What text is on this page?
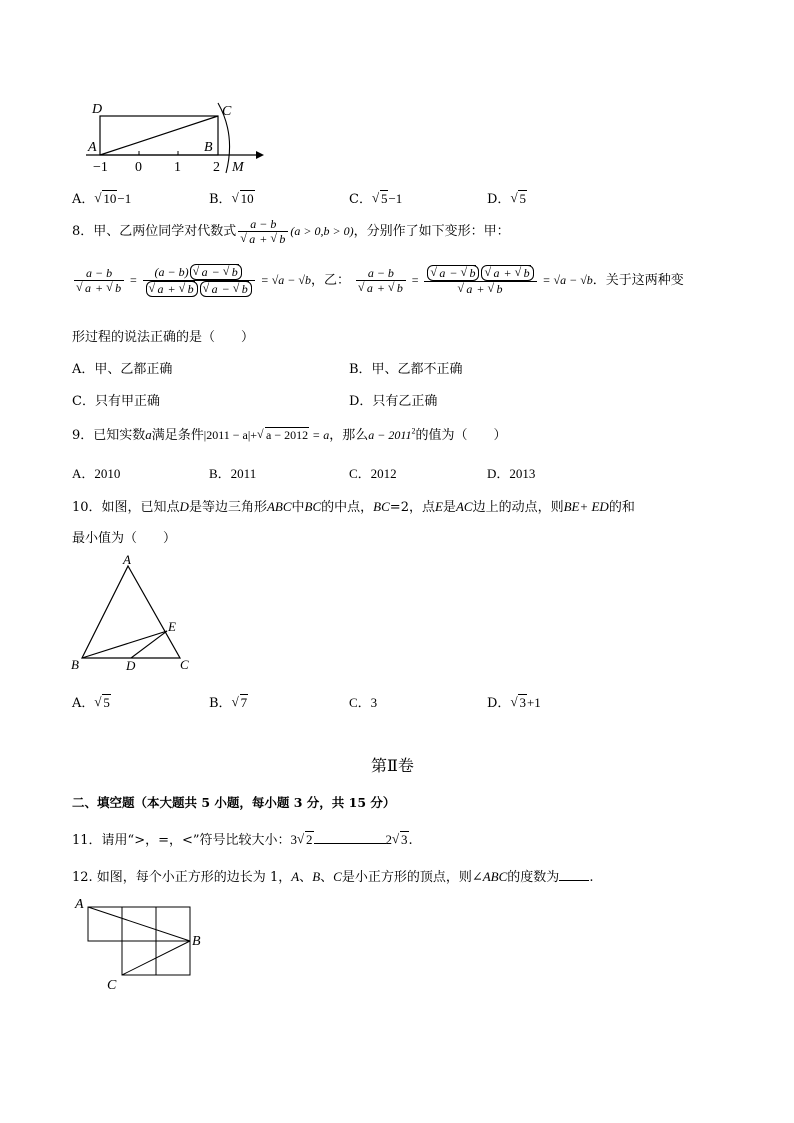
D	C
A	B
−1 0 1 2 M
A． √ 10−1	B． √ 10	C． √ 5−1	D． √ 5
8．甲、乙两位同学对代数式 a − b
√ a + √ b (a > 0,b > 0)，分别作了如下变形：甲：
a − b
√ a + √ b = (a − b) √ a − √ b
√ a + √ b √ a − √ b = √a − √b，乙： a − b
√ a + √ b = √ a − √ b √ a + √ b
√ a + √ b = √a − √b．关于这两种变
形过程的说法正确的是（　　）
A．甲、乙都正确	B．甲、乙都不正确
C．只有甲正确	D．只有乙正确
9．已知实数a满足条件|2011 − a|+ √ a − 2012 = a，那么$a - 2011^2$的值为（　　）
A．2010	B．2011	C．2012	D．2013
10．如图，已知点D是等边三角形ABC中BC的中点，BC=2，点E是AC边上的动点，则BE+ ED的和
最小值为（　　）
A
B	C
D
E
A． √ 5	B． √ 7	C．3	D． √ 3+1
第Ⅱ卷
二、填空题（本大题共 5 小题，每小题 3 分，共 15 分）
11．请用“>，=，<”符号比较大小：3 √ 2	2 √ 3.
12. 如图，每个小正方形的边长为 1，A、B、C是小正方形的顶点，则∠ABC的度数为 .
A
B
C
